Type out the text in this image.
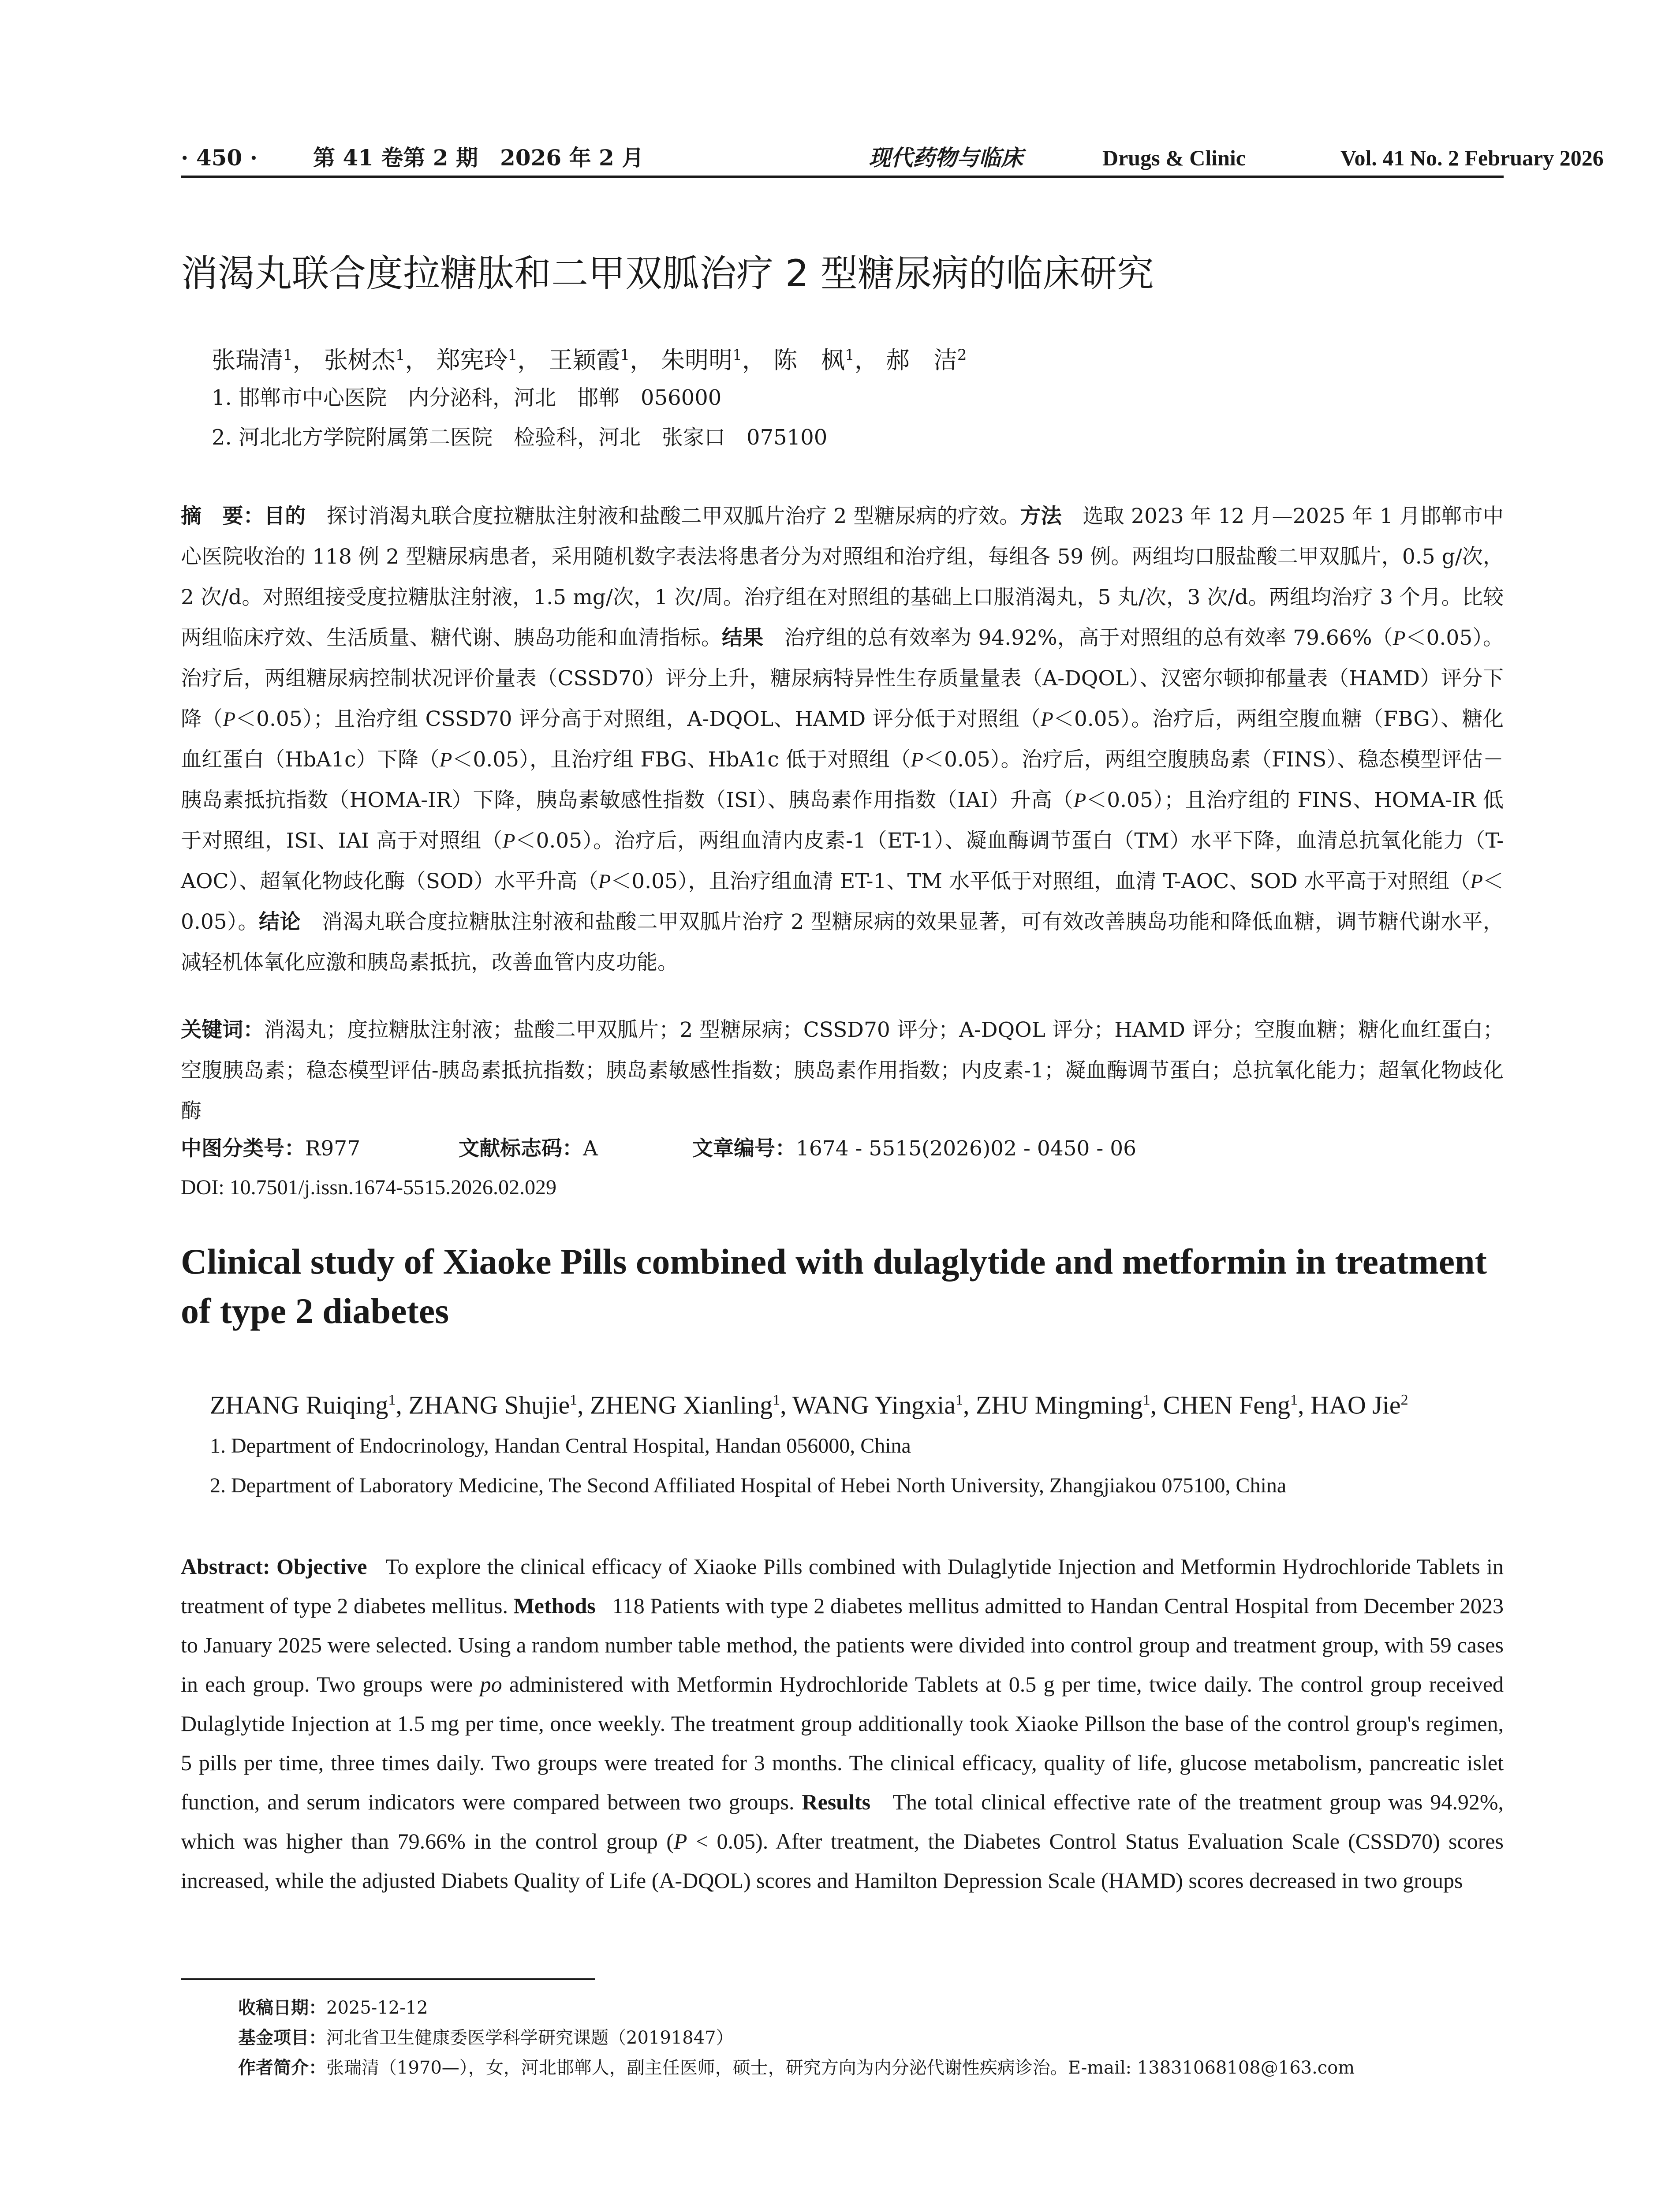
· 450 ·	第 41 卷第 2 期　2026 年 2 月	现代药物与临床	Drugs & Clinic	Vol. 41 No. 2 February 2026
消渴丸联合度拉糖肽和二甲双胍治疗 2 型糖尿病的临床研究
张瑞清$^1$， 张树杰$^1$， 郑宪玲$^1$， 王颖霞$^1$， 朱明明$^1$， 陈　枫$^1$， 郝　洁$^2$
1. 邯郸市中心医院　内分泌科，河北　邯郸　056000
2. 河北北方学院附属第二医院　检验科，河北　张家口　075100
摘　要：目的　 探讨消渴丸联合度拉糖肽注射液和盐酸二甲双胍片治疗 2 型糖尿病的疗效。方法　 选取 2023 年 12 月—2025 年 1 月邯郸市中心医院收治的 118 例 2 型糖尿病患者，采用随机数字表法将患者分为对照组和治疗组，每组各 59 例。两组均口服盐酸二甲双胍片，0.5 g/次，2 次/d。对照组接受度拉糖肽注射液，1.5 mg/次，1 次/周。治疗组在对照组的基础上口服消渴丸，5 丸/次，3 次/d。两组均治疗 3 个月。比较两组临床疗效、生活质量、糖代谢、胰岛功能和血清指标。结果　 治疗组的总有效率为 94.92%，高于对照组的总有效率 79.66%（P＜0.05）。治疗后，两组糖尿病控制状况评价量表（CSSD70）评分上升，糖尿病特异性生存质量量表（A-DQOL）、汉密尔顿抑郁量表（HAMD）评分下降（P＜0.05）；且治疗组 CSSD70 评分高于对照组，A-DQOL、HAMD 评分低于对照组（P＜0.05）。治疗后，两组空腹血糖（FBG）、糖化血红蛋白（HbA1c）下降（P＜0.05），且治疗组 FBG、HbA1c 低于对照组（P＜0.05）。治疗后，两组空腹胰岛素（FINS）、稳态模型评估－胰岛素抵抗指数（HOMA-IR）下降，胰岛素敏感性指数（ISI）、胰岛素作用指数（IAI）升高（P＜0.05）；且治疗组的 FINS、HOMA-IR 低于对照组，ISI、IAI 高于对照组（P＜0.05）。治疗后，两组血清内皮素-1（ET-1）、凝血酶调节蛋白（TM）水平下降，血清总抗氧化能力（T-AOC）、超氧化物歧化酶（SOD）水平升高（P＜0.05），且治疗组血清 ET-1、TM 水平低于对照组，血清 T-AOC、SOD 水平高于对照组（P＜0.05）。结论　 消渴丸联合度拉糖肽注射液和盐酸二甲双胍片治疗 2 型糖尿病的效果显著，可有效改善胰岛功能和降低血糖，调节糖代谢水平，减轻机体氧化应激和胰岛素抵抗，改善血管内皮功能。
关键词：消渴丸；度拉糖肽注射液；盐酸二甲双胍片；2 型糖尿病；CSSD70 评分；A-DQOL 评分；HAMD 评分；空腹血糖；糖化血红蛋白；空腹胰岛素；稳态模型评估-胰岛素抵抗指数；胰岛素敏感性指数；胰岛素作用指数；内皮素-1；凝血酶调节蛋白；总抗氧化能力；超氧化物歧化酶
中图分类号： R977	文献标志码： A	文章编号： 1674 - 5515(2026)02 - 0450 - 06
DOI: 10.7501/j.issn.1674-5515.2026.02.029
Clinical study of Xiaoke Pills combined with dulaglytide and metformin in treatment of type 2 diabetes
ZHANG Ruiqing$^1$, ZHANG Shujie$^1$, ZHENG Xianling$^1$, WANG Yingxia$^1$, ZHU Mingming$^1$, CHEN Feng$^1$, HAO Jie$^2$
1. Department of Endocrinology, Handan Central Hospital, Handan 056000, China
2. Department of Laboratory Medicine, The Second Affiliated Hospital of Hebei North University, Zhangjiakou 075100, China
Abstract: Objective To explore the clinical efficacy of Xiaoke Pills combined with Dulaglytide Injection and Metformin Hydrochloride Tablets in treatment of type 2 diabetes mellitus. Methods 118 Patients with type 2 diabetes mellitus admitted to Handan Central Hospital from December 2023 to January 2025 were selected. Using a random number table method, the patients were divided into control group and treatment group, with 59 cases in each group. Two groups were po administered with Metformin Hydrochloride Tablets at 0.5 g per time, twice daily. The control group received Dulaglytide Injection at 1.5 mg per time, once weekly. The treatment group additionally took Xiaoke Pillson the base of the control group's regimen, 5 pills per time, three times daily. Two groups were treated for 3 months. The clinical efficacy, quality of life, glucose metabolism, pancreatic islet function, and serum indicators were compared between two groups. Results The total clinical effective rate of the treatment group was 94.92%, which was higher than 79.66% in the control group (P < 0.05). After treatment, the Diabetes Control Status Evaluation Scale (CSSD70) scores increased, while the adjusted Diabets Quality of Life (A-DQOL) scores and Hamilton Depression Scale (HAMD) scores decreased in two groups
收稿日期：2025-12-12
基金项目：河北省卫生健康委医学科学研究课题（20191847）
作者简介：张瑞清（1970—），女，河北邯郸人，副主任医师，硕士，研究方向为内分泌代谢性疾病诊治。E-mail: 13831068108@163.com
